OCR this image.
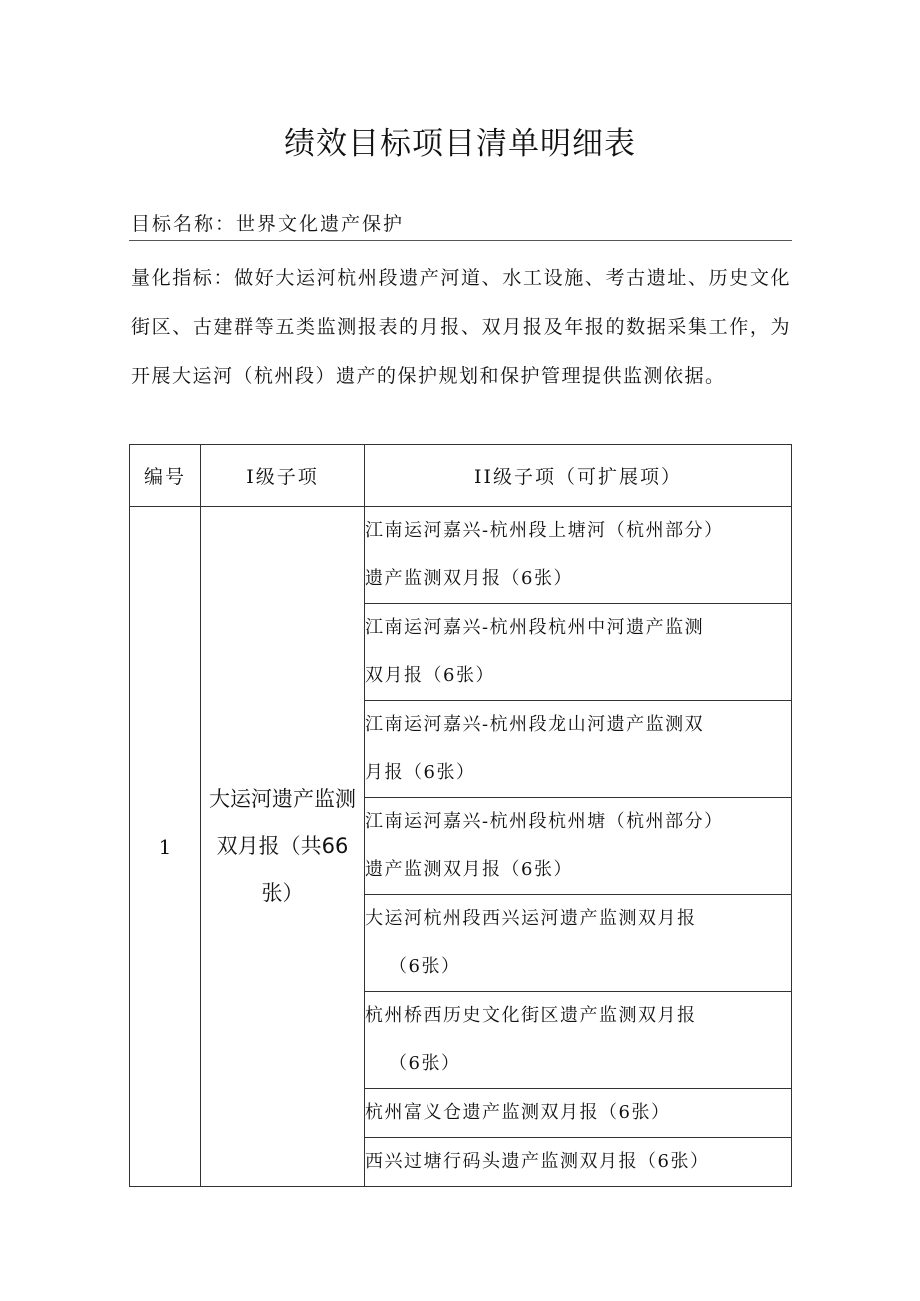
绩效目标项目清单明细表
目标名称：世界文化遗产保护
量化指标：做好大运河杭州段遗产河道、水工设施、考古遗址、历史文化街区、古建群等五类监测报表的月报、双月报及年报的数据采集工作，为开展大运河（杭州段）遗产的保护规划和保护管理提供监测依据。
编号	I级子项	II级子项（可扩展项）
1	大运河遗产监测双月报（共66张）	江南运河嘉兴-杭州段上塘河（杭州部分）
遗产监测双月报（6张）

		江南运河嘉兴-杭州段杭州中河遗产监测
双月报（6张）

		江南运河嘉兴-杭州段龙山河遗产监测双
月报（6张）

		江南运河嘉兴-杭州段杭州塘（杭州部分）
遗产监测双月报（6张）

		大运河杭州段西兴运河遗产监测双月报
（6张）

		杭州桥西历史文化街区遗产监测双月报
（6张）

		杭州富义仓遗产监测双月报（6张）

		西兴过塘行码头遗产监测双月报（6张）
